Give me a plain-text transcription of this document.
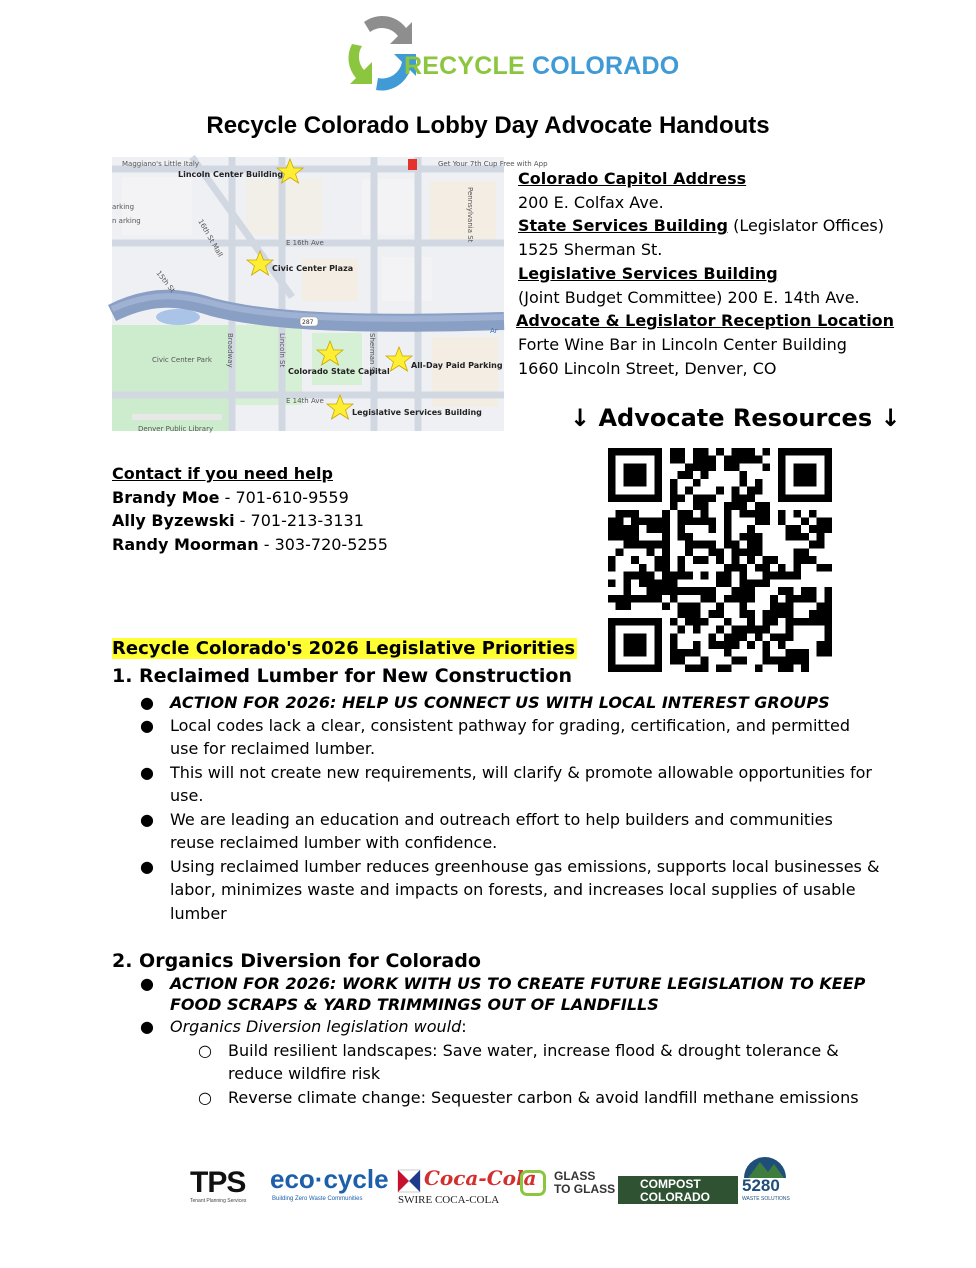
RECYCLE COLORADO
Recycle Colorado Lobby Day Advocate Handouts
Maggiano's Little Italy
arking
n arking
E 16th Ave
Get Your 7th Cup Free with App
16th St Mall
15th St
Civic Center Park Broadway	Lincoln St	Sherman St
Pennsylvania St
E 14th Ave
Denver Public Library
Ar
287
Lincoln Center Building
Civic Center Plaza
Colorado State Capital
All-Day Paid Parking
Legislative Services Building
Colorado Capitol Address
200 E. Colfax Ave.
State Services Building (Legislator Offices)
1525 Sherman St.
Legislative Services Building
(Joint Budget Committee) 200 E. 14th Ave.
Advocate & Legislator Reception Location
Forte Wine Bar in Lincoln Center Building
1660 Lincoln Street, Denver, CO
↓ Advocate Resources ↓
Contact if you need help
Brandy Moe - 701-610-9559
Ally Byzewski - 701-213-3131
Randy Moorman - 303-720-5255
Recycle Colorado's 2026 Legislative Priorities
1. Reclaimed Lumber for New Construction
● ACTION FOR 2026: HELP US CONNECT US WITH LOCAL INTEREST GROUPS
● Local codes lack a clear, consistent pathway for grading, certification, and permitted use for reclaimed lumber.
● This will not create new requirements, will clarify & promote allowable opportunities for use.
● We are leading an education and outreach effort to help builders and communities reuse reclaimed lumber with confidence.
● Using reclaimed lumber reduces greenhouse gas emissions, supports local businesses & labor, minimizes waste and impacts on forests, and increases local supplies of usable lumber
2. Organics Diversion for Colorado
● ACTION FOR 2026: WORK WITH US TO CREATE FUTURE LEGISLATION TO KEEP FOOD SCRAPS & YARD TRIMMINGS OUT OF LANDFILLS
● Organics Diversion legislation would:
○ Build resilient landscapes: Save water, increase flood & drought tolerance & reduce wildfire risk
○ Reverse climate change: Sequester carbon & avoid landfill methane emissions
TPS
Tenant Planning Services
eco·cycle
Building Zero Waste Communities
Coca-Cola
SWIRE COCA-COLA
GLASS
TO GLASS COMPOST
COLORADO
5280
WASTE SOLUTIONS
